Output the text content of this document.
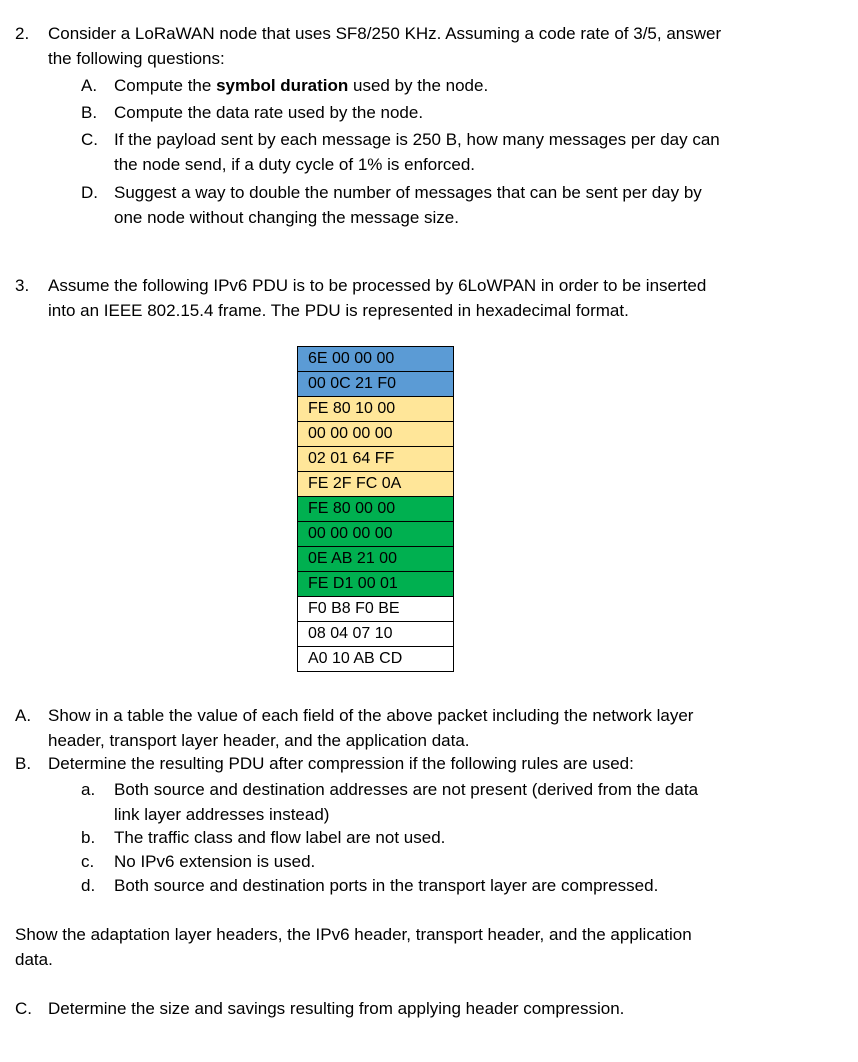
2. Consider a LoRaWAN node that uses SF8/250 KHz. Assuming a code rate of 3/5, answer
the following questions:
A. Compute the symbol duration used by the node.
B. Compute the data rate used by the node.
C. If the payload sent by each message is 250 B, how many messages per day can
the node send, if a duty cycle of 1% is enforced.
D. Suggest a way to double the number of messages that can be sent per day by
one node without changing the message size.
3. Assume the following IPv6 PDU is to be processed by 6LoWPAN in order to be inserted
into an IEEE 802.15.4 frame. The PDU is represented in hexadecimal format.
6E 00 00 00
00 0C 21 F0
FE 80 10 00
00 00 00 00
02 01 64 FF
FE 2F FC 0A
FE 80 00 00
00 00 00 00
0E AB 21 00
FE D1 00 01
F0 B8 F0 BE
08 04 07 10
A0 10 AB CD
A. Show in a table the value of each field of the above packet including the network layer
header, transport layer header, and the application data.
B. Determine the resulting PDU after compression if the following rules are used:
a. Both source and destination addresses are not present (derived from the data
link layer addresses instead)
b. The traffic class and flow label are not used.
c. No IPv6 extension is used.
d. Both source and destination ports in the transport layer are compressed.
Show the adaptation layer headers, the IPv6 header, transport header, and the application
data.
C. Determine the size and savings resulting from applying header compression.
